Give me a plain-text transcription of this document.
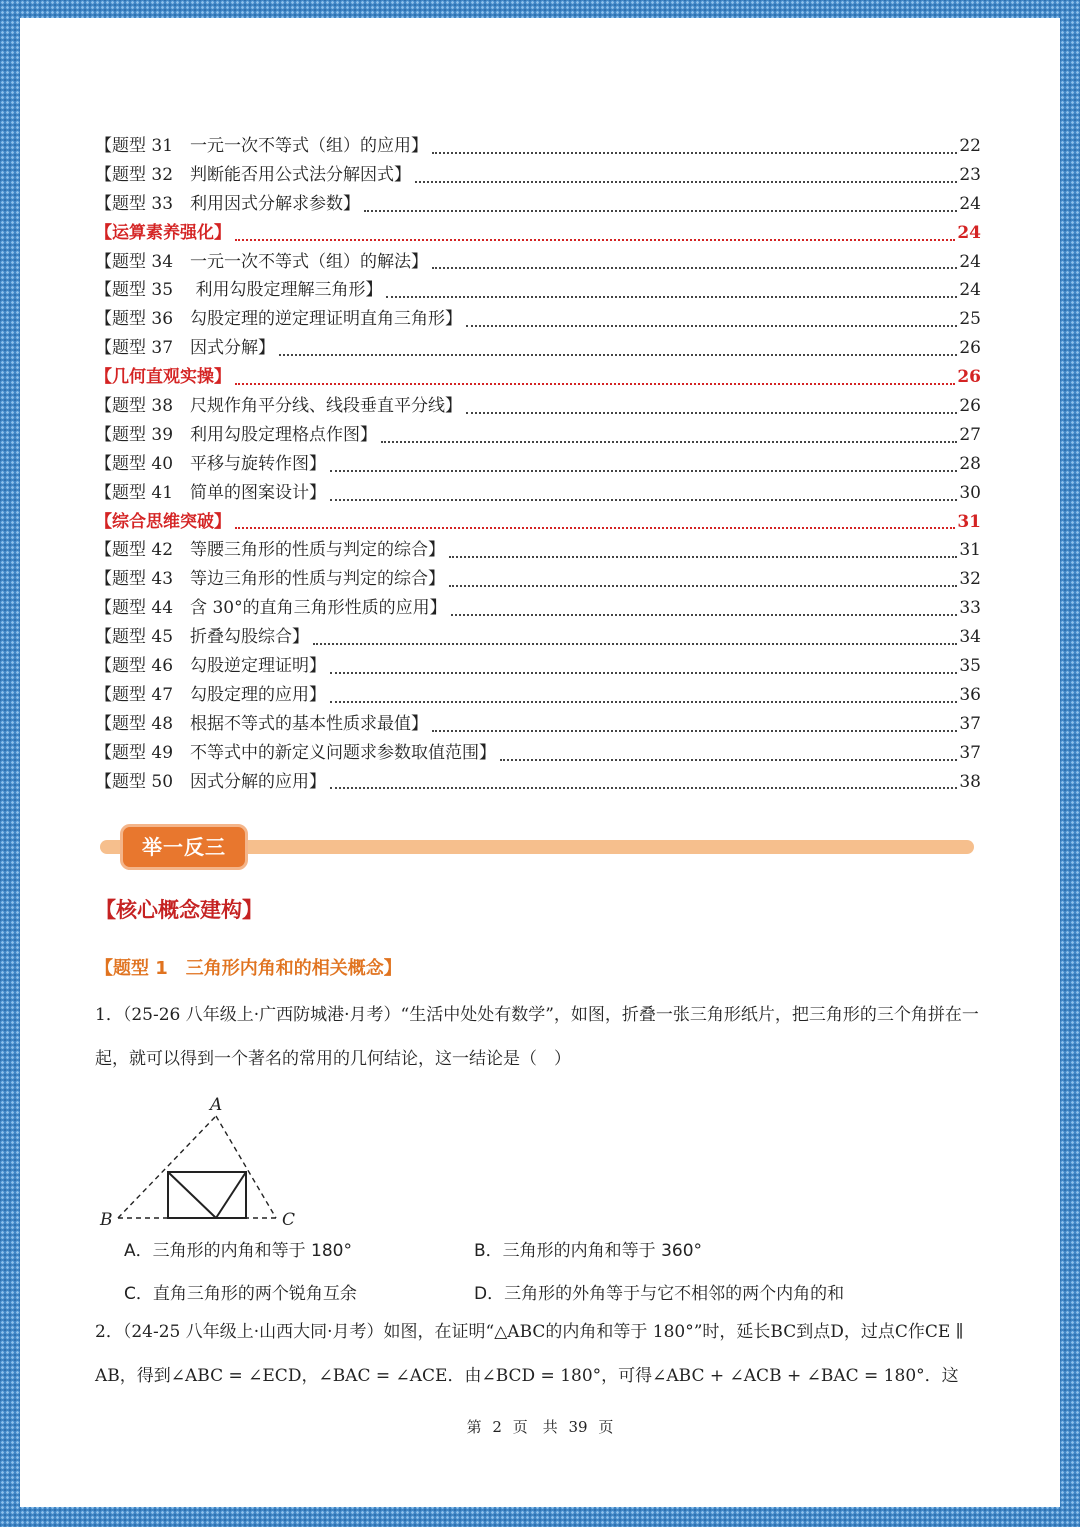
【题型 31　一元一次不等式（组）的应用】	22
【题型 32　判断能否用公式法分解因式】	23
【题型 33　利用因式分解求参数】	24
【运算素养强化】	24
【题型 34　一元一次不等式（组）的解法】	24
【题型 35　 利用勾股定理解三角形】	24
【题型 36　勾股定理的逆定理证明直角三角形】	25
【题型 37　因式分解】	26
【几何直观实操】	26
【题型 38　尺规作角平分线、线段垂直平分线】	26
【题型 39　利用勾股定理格点作图】	27
【题型 40　平移与旋转作图】	28
【题型 41　简单的图案设计】	30
【综合思维突破】	31
【题型 42　等腰三角形的性质与判定的综合】	31
【题型 43　等边三角形的性质与判定的综合】	32
【题型 44　含 30°的直角三角形性质的应用】	33
【题型 45　折叠勾股综合】	34
【题型 46　勾股逆定理证明】	35
【题型 47　勾股定理的应用】	36
【题型 48　根据不等式的基本性质求最值】	37
【题型 49　不等式中的新定义问题求参数取值范围】	37
【题型 50　因式分解的应用】	38
举一反三
【核心概念建构】
【题型 1　三角形内角和的相关概念】
1．（25-26 八年级上·广西防城港·月考）“生活中处处有数学”，如图，折叠一张三角形纸片，把三角形的三个角拼在一起，就可以得到一个著名的常用的几何结论，这一结论是（　）
A
B	C
A．三角形的内角和等于 180°	B．三角形的内角和等于 360°
C．直角三角形的两个锐角互余	D．三角形的外角等于与它不相邻的两个内角的和
2．（24-25 八年级上·山西大同·月考）如图，在证明“△ABC的内角和等于 180°”时，延长BC到点D，过点C作CE ∥ AB，得到∠ABC = ∠ECD，∠BAC = ∠ACE．由∠BCD = 180°，可得∠ABC + ∠ACB + ∠BAC = 180°．这
第 2 页　共 39 页
